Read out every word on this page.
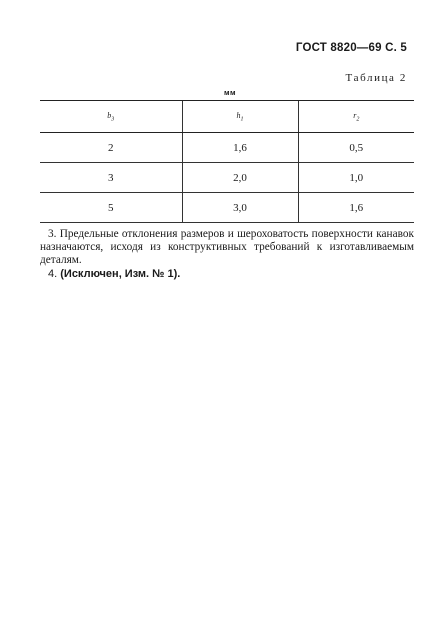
ГОСТ 8820—69 С. 5
Таблица 2
мм
$b_3$	$h_1$	$r_2$
2	1,6	0,5
3	2,0	1,0
5	3,0	1,6

3. Предельные отклонения размеров и шероховатость поверхности канавок назначаются, исходя из конструктивных требований к изготавливаемым деталям.

4. (Исключен, Изм. № 1).
